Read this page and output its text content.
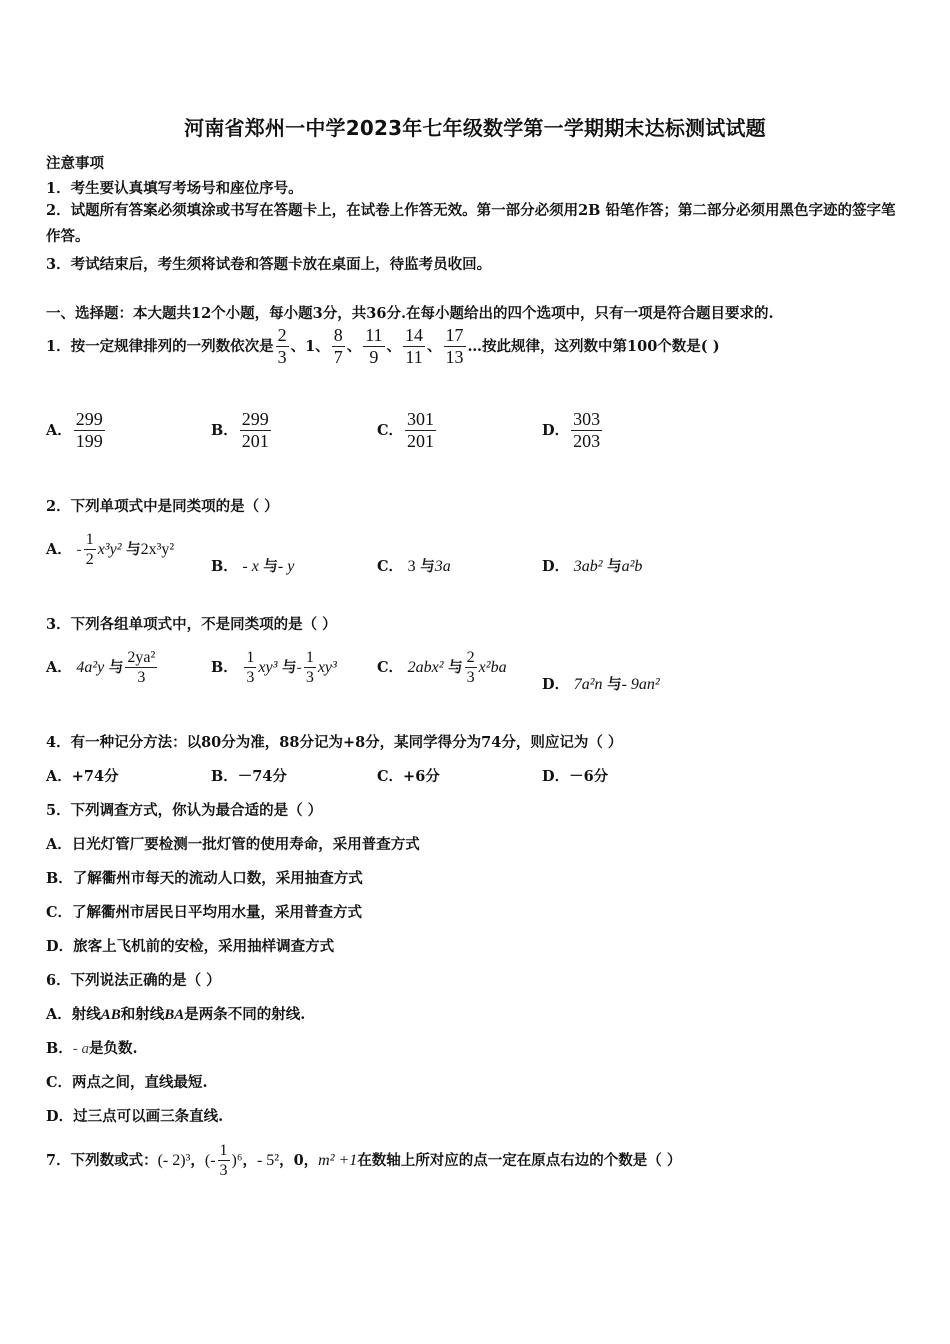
河南省郑州一中学2023年七年级数学第一学期期末达标测试试题
注意事项
1．考生要认真填写考场号和座位序号。
2．试题所有答案必须填涂或书写在答题卡上，在试卷上作答无效。第一部分必须用2B 铅笔作答；第二部分必须用黑色字迹的签字笔作答。
3．考试结束后，考生须将试卷和答题卡放在桌面上，待监考员收回。
一、选择题：本大题共12个小题，每小题3分，共36分.在每小题给出的四个选项中，只有一项是符合题目要求的.
1．按一定规律排列的一列数依次是 $\frac{2}{3}$ 、1、 $\frac{8}{7}$ 、 $\frac{11}{9}$ 、 $\frac{14}{11}$ 、 $\frac{17}{13}$ …按此规律，这列数中第100个数是( )
A． $\frac{299}{199}$	B． $\frac{299}{201}$	C． $\frac{301}{201}$	D． $\frac{303}{203}$
2．下列单项式中是同类项的是（ ）
A． - $\frac{1}{2} x^3y^2$ 与2x³y²
B． - x 与- y	C． 3 与3a	D． 3ab² 与a²b
3．下列各组单项式中，不是同类项的是（ ）
A． 4a²y 与 $\frac{\text{2ya²}}{3}$	B． $\frac{1}{3} xy^3$ 与- $\frac{1}{3} xy^3$	C． 2abx² 与 $\frac{2}{3} x^2ba$
D． 7a²n 与- 9an²
4．有一种记分方法：以80分为准，88分记为+8分，某同学得分为74分，则应记为（ ）
A．+74分	B．－74分	C．+6分	D．－6分
5．下列调查方式，你认为最合适的是（ ）
A．日光灯管厂要检测一批灯管的使用寿命，采用普查方式
B．了解衢州市每天的流动人口数，采用抽查方式
C．了解衢州市居民日平均用水量，采用普查方式
D．旅客上飞机前的安检，采用抽样调查方式
6．下列说法正确的是（ ）
A．射线AB和射线BA是两条不同的射线.
B．- a是负数.
C．两点之间，直线最短.
D．过三点可以画三条直线.
7．下列数或式：(- 2)³，(- $\frac{1}{3} )^6$，- 5²，0，m² +1在数轴上所对应的点一定在原点右边的个数是（ ）
